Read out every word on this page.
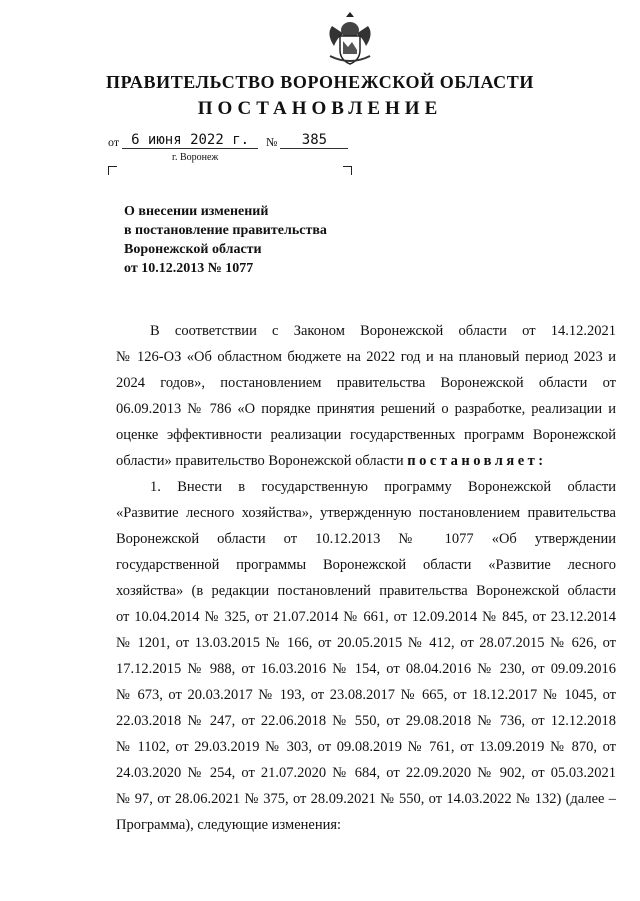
ПРАВИТЕЛЬСТВО ВОРОНЕЖСКОЙ ОБЛАСТИ
ПОСТАНОВЛЕНИЕ
от 6 июня 2022 г.	№ 385
г. Воронеж
О внесении изменений
в постановление правительства
Воронежской области
от 10.12.2013 № 1077
В соответствии с Законом Воронежской области от 14.12.2021
№ 126-ОЗ «Об областном бюджете на 2022 год и на плановый период 2023 и
2024 годов», постановлением правительства Воронежской области от
06.09.2013 № 786 «О порядке принятия решений о разработке, реализации и
оценке эффективности реализации государственных программ Воронежской
области» правительство Воронежской области постановляет:
1. Внести в государственную программу Воронежской области
«Развитие лесного хозяйства», утвержденную постановлением правительства
Воронежской области от 10.12.2013 № 1077 «Об утверждении
государственной программы Воронежской области «Развитие лесного
хозяйства» (в редакции постановлений правительства Воронежской области
от 10.04.2014 № 325, от 21.07.2014 № 661, от 12.09.2014 № 845, от 23.12.2014
№ 1201, от 13.03.2015 № 166, от 20.05.2015 № 412, от 28.07.2015 № 626, от
17.12.2015 № 988, от 16.03.2016 № 154, от 08.04.2016 № 230, от 09.09.2016
№ 673, от 20.03.2017 № 193, от 23.08.2017 № 665, от 18.12.2017 № 1045, от
22.03.2018 № 247, от 22.06.2018 № 550, от 29.08.2018 № 736, от 12.12.2018
№ 1102, от 29.03.2019 № 303, от 09.08.2019 № 761, от 13.09.2019 № 870, от
24.03.2020 № 254, от 21.07.2020 № 684, от 22.09.2020 № 902, от 05.03.2021
№ 97, от 28.06.2021 № 375, от 28.09.2021 № 550, от 14.03.2022 № 132) (далее –
Программа), следующие изменения:
